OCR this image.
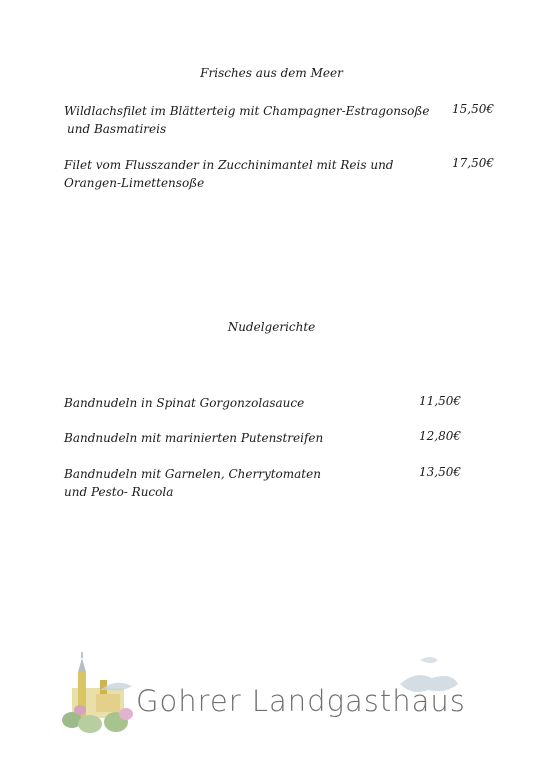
Frisches aus dem Meer
Wildlachsfilet im Blätterteig mit Champagner-Estragonsoße
und Basmatireis
15,50€
Filet vom Flusszander in Zucchinimantel mit Reis und
Orangen-Limettensoße
17,50€
Nudelgerichte
Bandnudeln in Spinat Gorgonzolasauce	11,50€
Bandnudeln mit marinierten Putenstreifen	12,80€
Bandnudeln mit Garnelen, Cherrytomaten
und Pesto- Rucola
13,50€
Gohrer Landgasthaus
